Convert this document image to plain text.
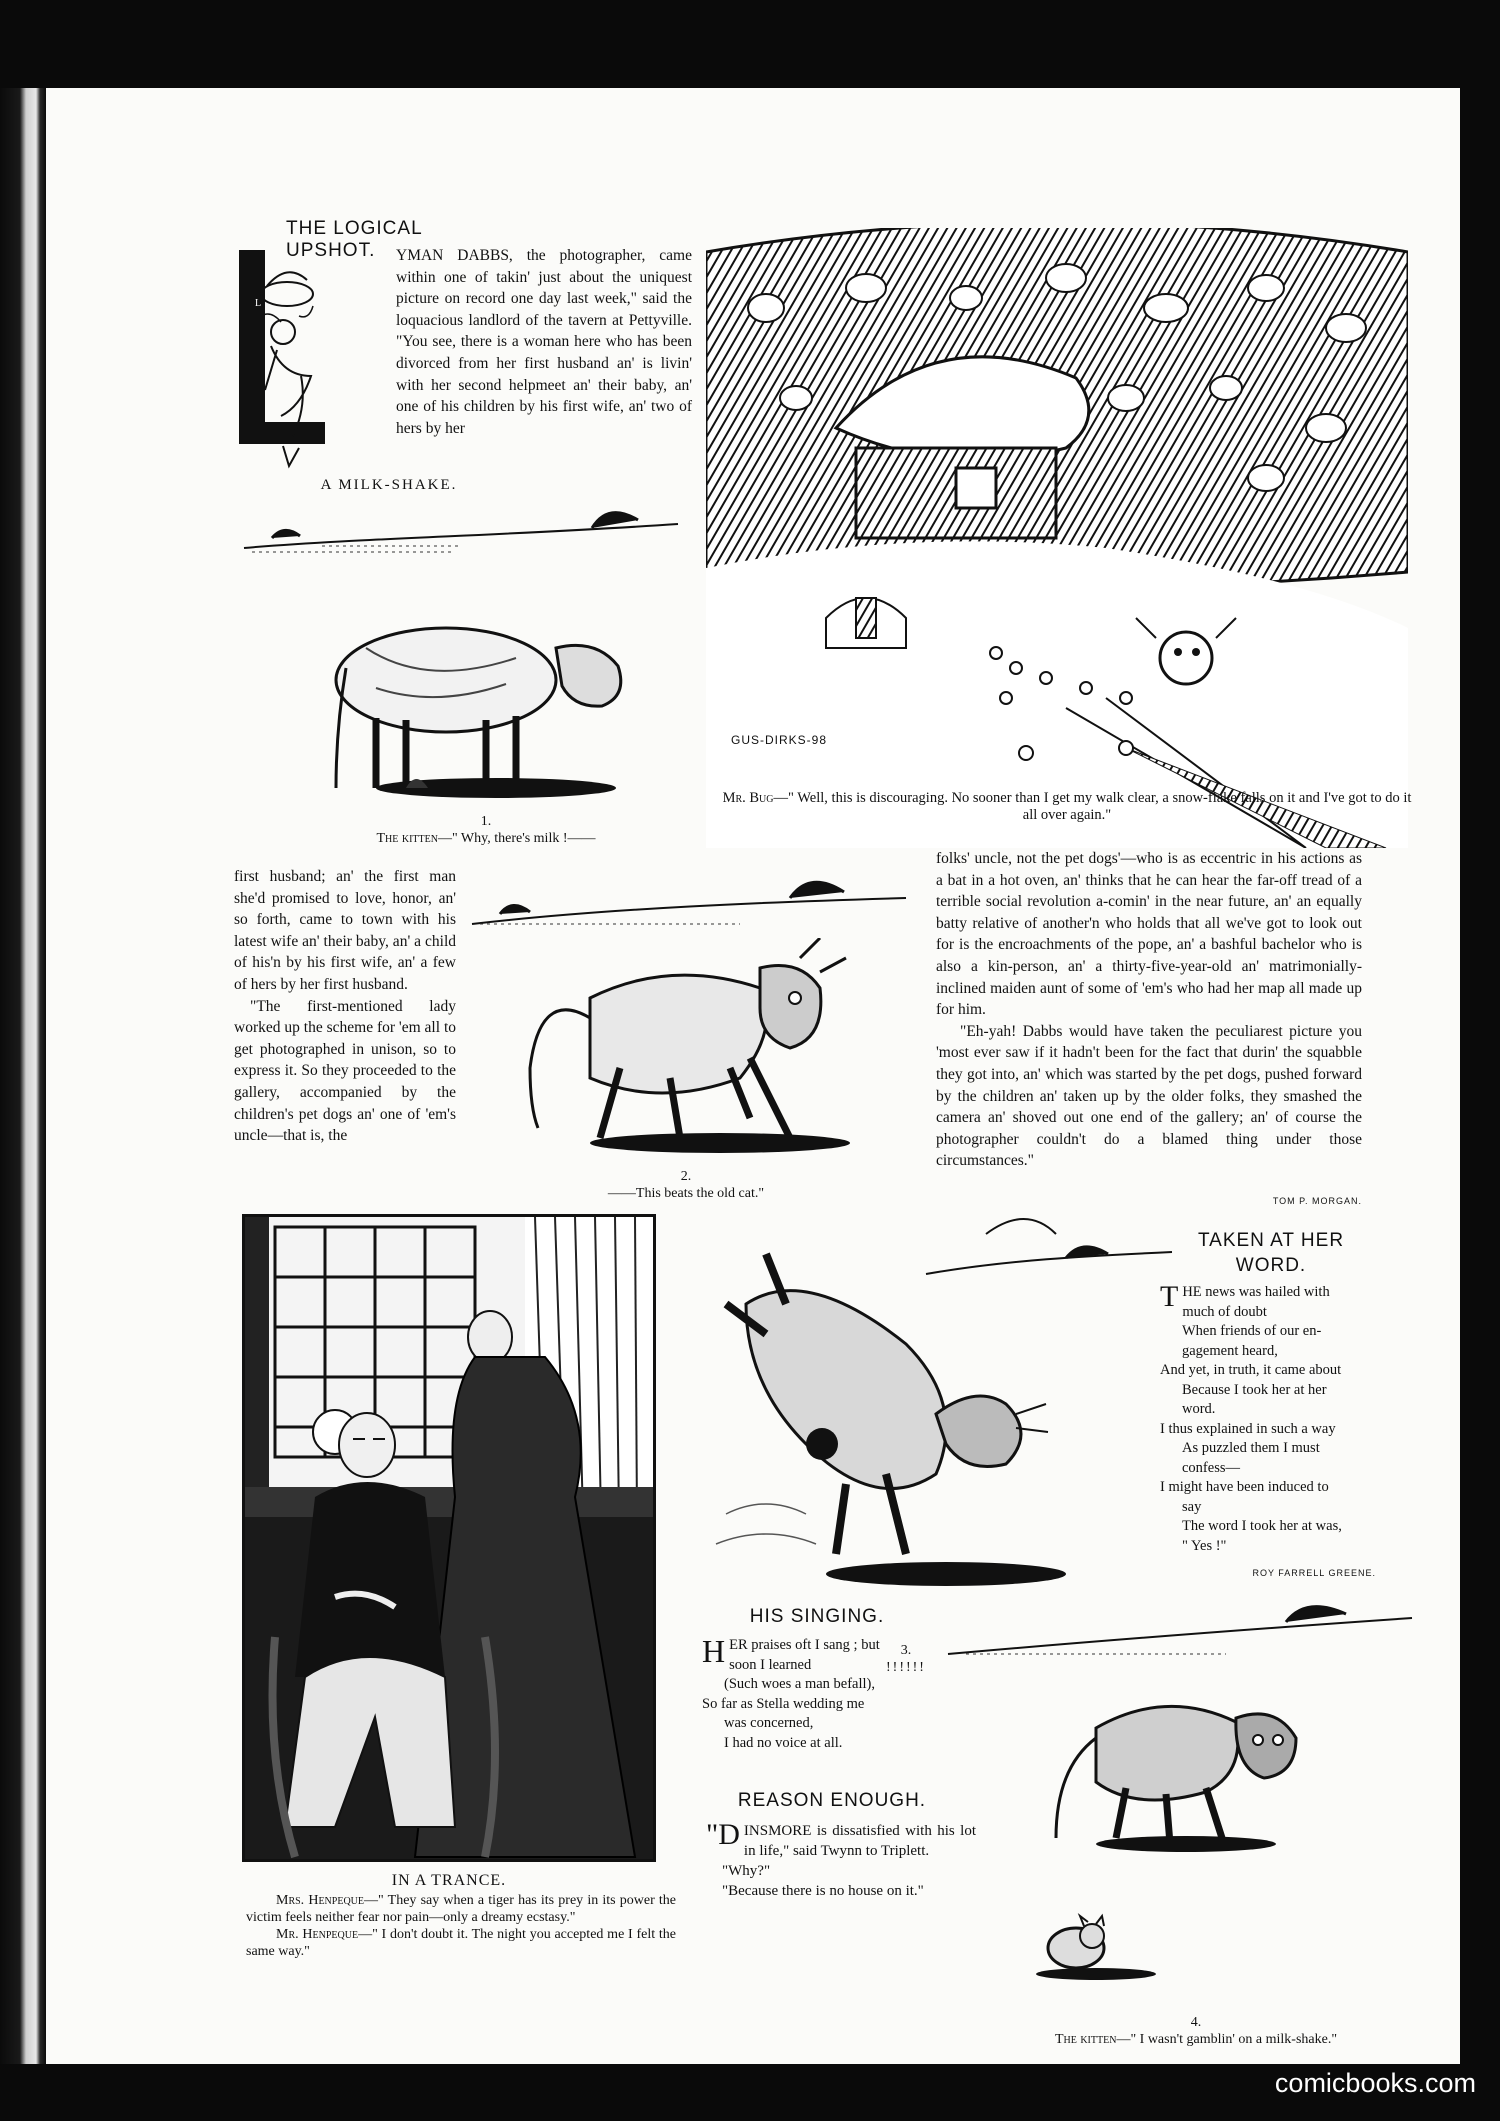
THE LOGICAL UPSHOT.
L
YMAN DABBS, the photographer, came within one of takin' just about the uniquest picture on record one day last week," said the loquacious landlord of the tavern at Pettyville. "You see, there is a woman here who has been divorced from her first husband an' is livin' with her second helpmeet an' their baby, an' one of his children by his first wife, an' two of hers by her
A MILK-SHAKE.
1.
The kitten—" Why, there's milk !——
GUS-DIRKS-98
Mr. Bug—" Well, this is discouraging. No sooner than I get my walk clear, a snow-flake falls on it and I've got to do it all over again."
first husband; an' the first man she'd promised to love, honor, an' so forth, came to town with his latest wife an' their baby, an' a child of his'n by his first wife, an' a few of hers by her first husband.
"The first-mentioned lady worked up the scheme for 'em all to get photographed in unison, so to express it. So they proceeded to the gallery, accompanied by the children's pet dogs an' one of 'em's uncle—that is, the
2.
——This beats the old cat."
folks' uncle, not the pet dogs'—who is as eccentric in his actions as a bat in a hot oven, an' thinks that he can hear the far-off tread of a terrible social revolution a-comin' in the near future, an' an equally batty relative of another'n who holds that all we've got to look out for is the encroachments of the pope, an' a bashful bachelor who is also a kin-person, an' a thirty-five-year-old an' matrimonially-inclined maiden aunt of some of 'em's who had her map all made up for him.
"Eh-yah! Dabbs would have taken the peculiarest picture you 'most ever saw if it hadn't been for the fact that durin' the squabble they got into, an' which was started by the pet dogs, pushed forward by the children an' taken up by the older folks, they smashed the camera an' shoved out one end of the gallery; an' of course the photographer couldn't do a blamed thing under those circumstances."
TOM P. MORGAN.
IN A TRANCE.
Mrs. Henpeque—" They say when a tiger has its prey in its power the victim feels neither fear nor pain—only a dreamy ecstasy."
Mr. Henpeque—" I don't doubt it. The night you accepted me I felt the same way."
3.
!!!!!!
TAKEN AT HER WORD.
T HE news was hailed with

much of doubt

When friends of our en-

gagement heard,

And yet, in truth, it came about

Because I took her at her

word.

I thus explained in such a way

As puzzled them I must

confess—

I might have been induced to

say

The word I took her at was,

" Yes !"

ROY FARRELL GREENE.
HIS SINGING.
H ER praises oft I sang ; but

soon I learned

(Such woes a man befall),

So far as Stella wedding me

was concerned,

I had no voice at all.

REASON ENOUGH.
"DINSMORE is dissatisfied with his lot in life," said Twynn to Triplett.
"Why?"
"Because there is no house on it."
4.
The kitten—" I wasn't gamblin' on a milk-shake."
comicbooks.com
